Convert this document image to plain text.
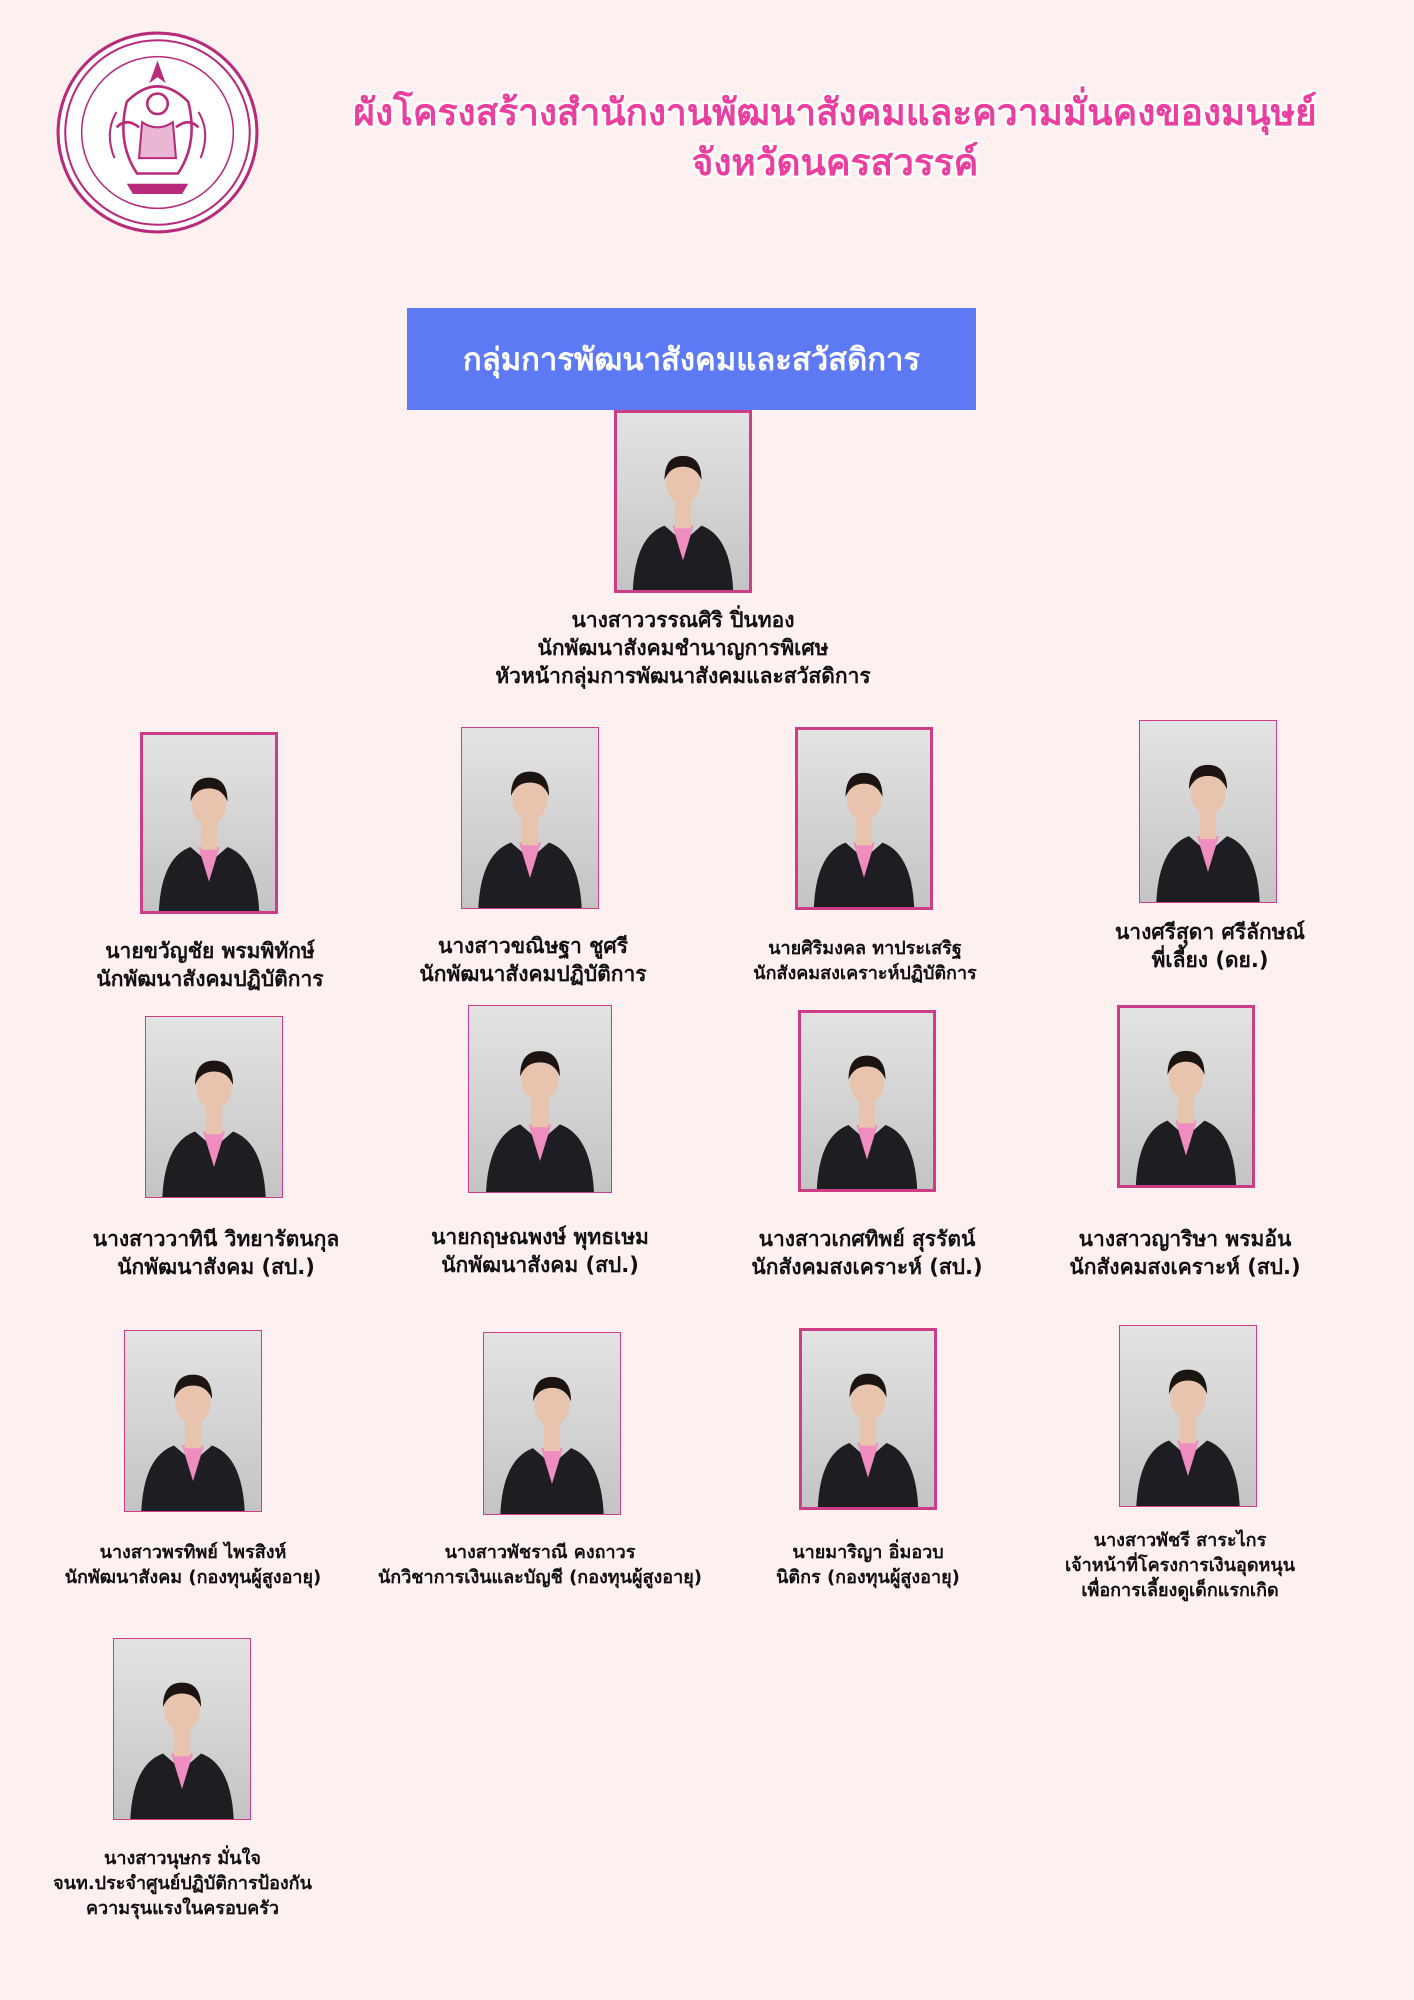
ผังโครงสร้างสำนักงานพัฒนาสังคมและความมั่นคงของมนุษย์
จังหวัดนครสวรรค์
กลุ่มการพัฒนาสังคมและสวัสดิการ
นางสาววรรณศิริ ปิ่นทอง
นักพัฒนาสังคมชำนาญการพิเศษ
หัวหน้ากลุ่มการพัฒนาสังคมและสวัสดิการ
นายขวัญชัย พรมพิทักษ์
นักพัฒนาสังคมปฏิบัติการ
นางสาวขณิษฐา ชูศรี
นักพัฒนาสังคมปฏิบัติการ
นายศิริมงคล ทาประเสริฐ
นักสังคมสงเคราะห์ปฏิบัติการ
นางศรีสุดา ศรีลักษณ์
พี่เลี้ยง (ดย.)
นางสาววาทินี วิทยารัตนกุล
นักพัฒนาสังคม (สป.)
นายกฤษณพงษ์ พุทธเษม
นักพัฒนาสังคม (สป.)
นางสาวเกศทิพย์ สุรรัตน์
นักสังคมสงเคราะห์ (สป.)
นางสาวญาริษา พรมอ้น
นักสังคมสงเคราะห์ (สป.)
นางสาวพรทิพย์ ไพรสิงห์
นักพัฒนาสังคม (กองทุนผู้สูงอายุ)
นางสาวพัชราณี คงถาวร
นักวิชาการเงินและบัญชี (กองทุนผู้สูงอายุ)
นายมาริญา อิ่มอวบ
นิติกร (กองทุนผู้สูงอายุ)
นางสาวพัชรี สาระไกร
เจ้าหน้าที่โครงการเงินอุดหนุน
เพื่อการเลี้ยงดูเด็กแรกเกิด
นางสาวนุษกร มั่นใจ
จนท.ประจำศูนย์ปฏิบัติการป้องกัน
ความรุนแรงในครอบครัว
